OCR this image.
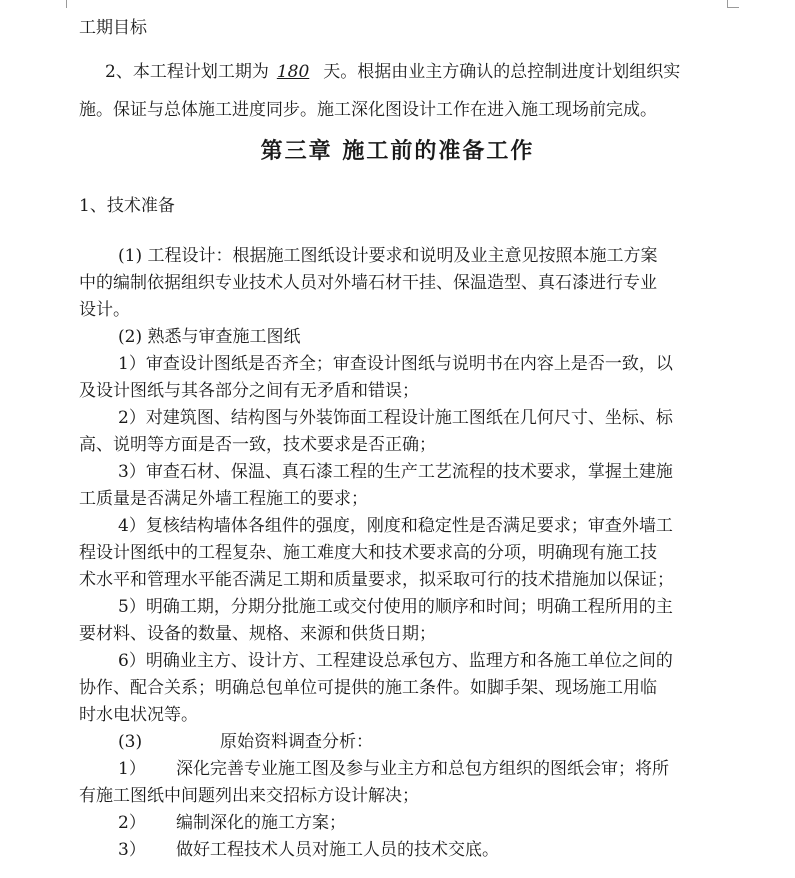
工期目标
2、本工程计划工期为 180 天。根据由业主方确认的总控制进度计划组织实
施。保证与总体施工进度同步。施工深化图设计工作在进入施工现场前完成。
第三章 施工前的准备工作
1、技术准备
(1) 工程设计：根据施工图纸设计要求和说明及业主意见按照本施工方案
中的编制依据组织专业技术人员对外墙石材干挂、保温造型、真石漆进行专业
设计。
(2) 熟悉与审查施工图纸
1）审查设计图纸是否齐全；审查设计图纸与说明书在内容上是否一致，以
及设计图纸与其各部分之间有无矛盾和错误；
2）对建筑图、结构图与外装饰面工程设计施工图纸在几何尺寸、坐标、标
高、说明等方面是否一致，技术要求是否正确；
3）审查石材、保温、真石漆工程的生产工艺流程的技术要求，掌握土建施
工质量是否满足外墙工程施工的要求；
4）复核结构墙体各组件的强度，刚度和稳定性是否满足要求；审查外墙工
程设计图纸中的工程复杂、施工难度大和技术要求高的分项，明确现有施工技
术水平和管理水平能否满足工期和质量要求，拟采取可行的技术措施加以保证；
5）明确工期，分期分批施工或交付使用的顺序和时间；明确工程所用的主
要材料、设备的数量、规格、来源和供货日期；
6）明确业主方、设计方、工程建设总承包方、监理方和各施工单位之间的
协作、配合关系；明确总包单位可提供的施工条件。如脚手架、现场施工用临
时水电状况等。
(3)	原始资料调查分析：
1） 深化完善专业施工图及参与业主方和总包方组织的图纸会审；将所
有施工图纸中间题列出来交招标方设计解决；
2） 编制深化的施工方案；
3） 做好工程技术人员对施工人员的技术交底。
